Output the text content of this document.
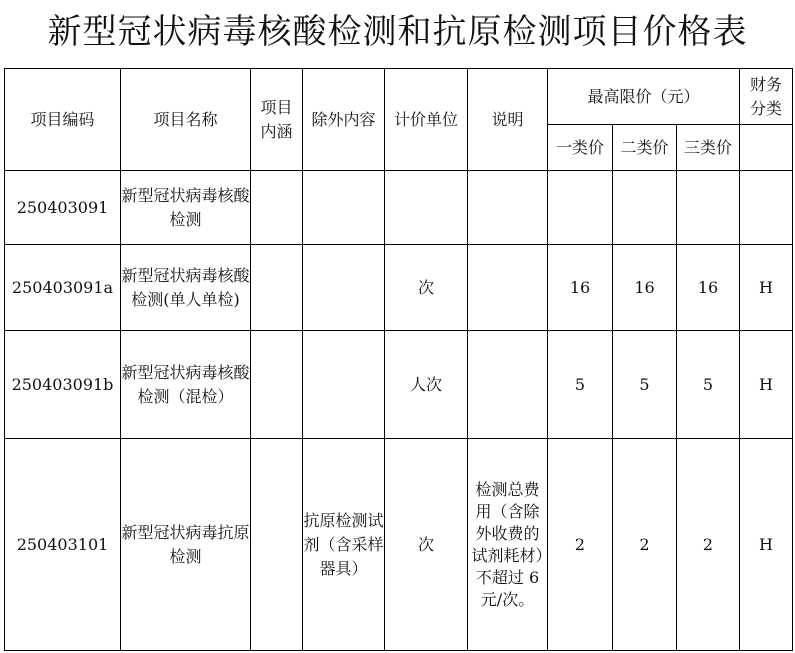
新型冠状病毒核酸检测和抗原检测项目价格表
项目编码	项目名称	项目内涵	除外内容	计价单位	说明	最高限价（元）			财务分类
						一类价	二类价	三类价	
250403091	新型冠状病毒核酸检测								
250403091a	新型冠状病毒核酸检测(单人单检)			次		16	16	16	H
250403091b	新型冠状病毒核酸检测（混检）			人次		5	5	5	H
250403101	新型冠状病毒抗原检测		抗原检测试剂（含采样器具）	次	检测总费用（含除外收费的试剂耗材）不超过 6 元/次。	2	2	2	H
